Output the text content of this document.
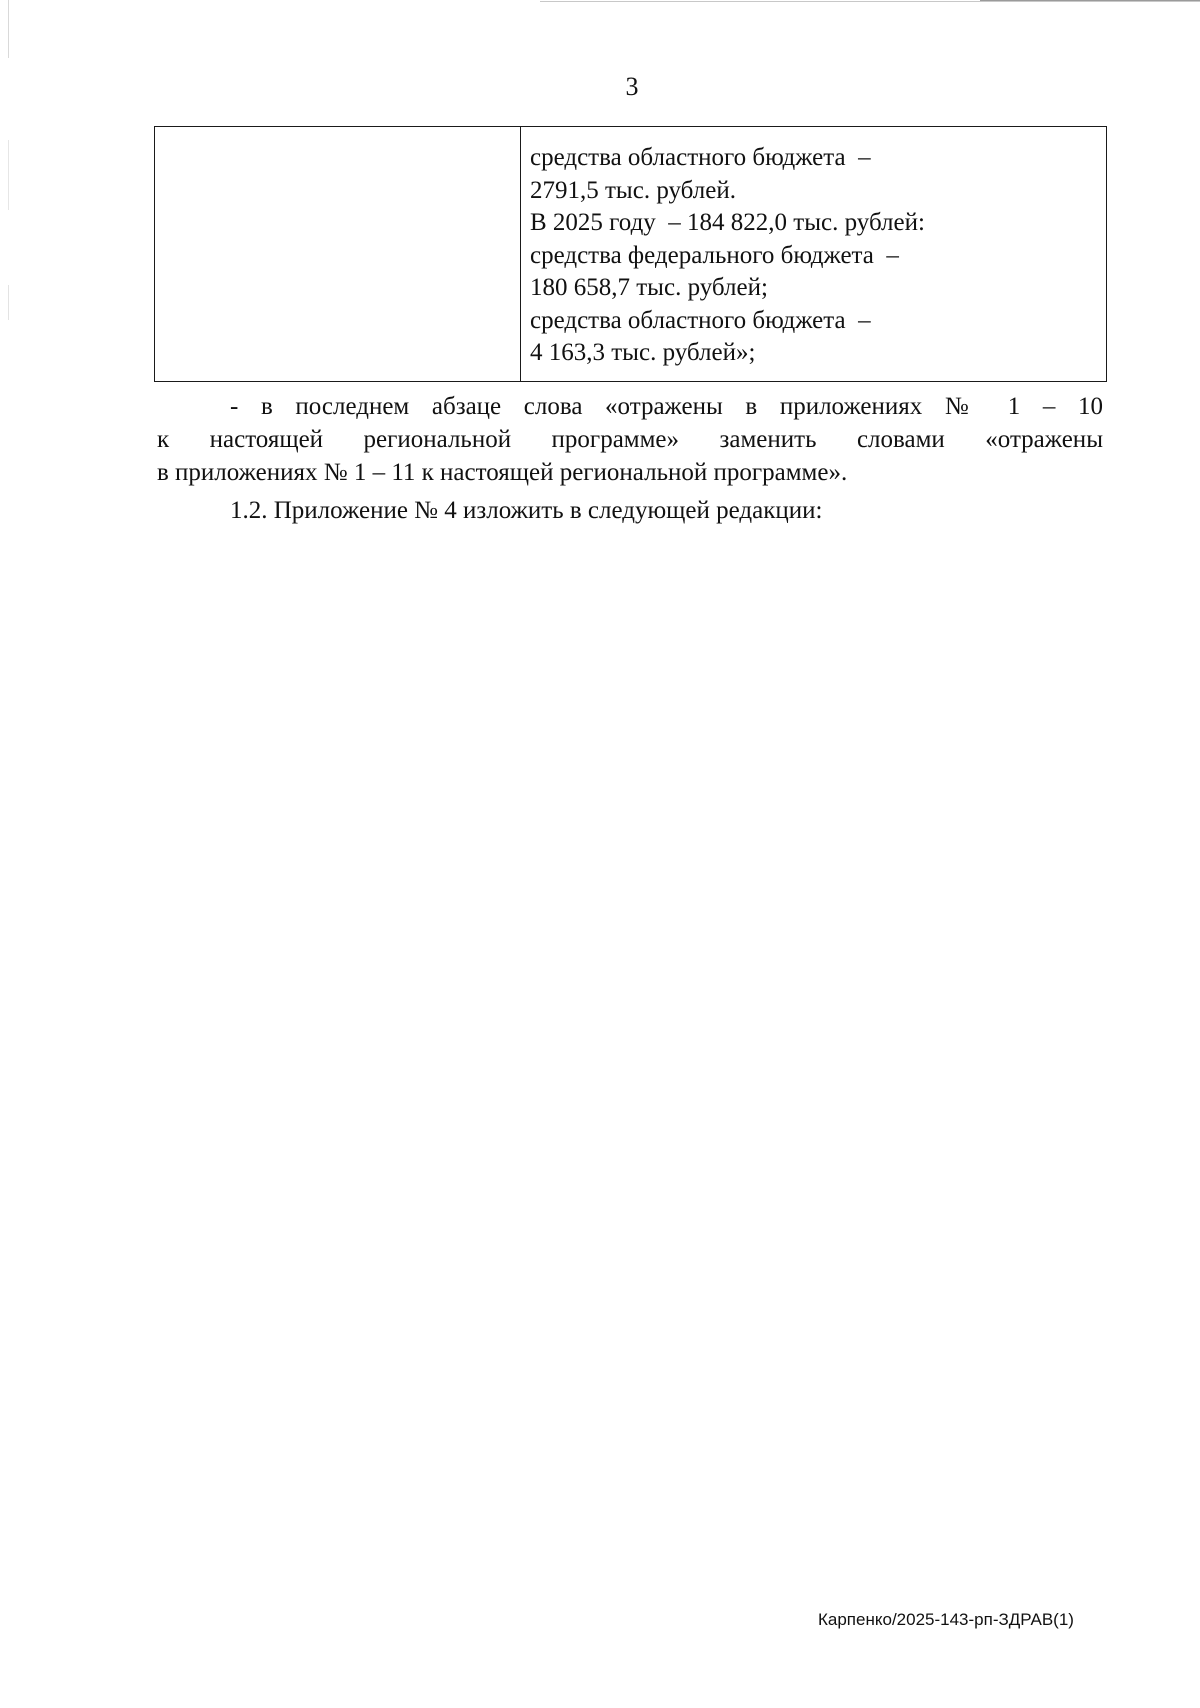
3

средства областного бюджета  –
2791,5 тыс. рублей.
В 2025 году  – 184 822,0 тыс. рублей:
средства федерального бюджета  –
180 658,7 тыс. рублей;
средства областного бюджета  –
4 163,3 тыс. рублей»;
- в последнем абзаце слова «отражены в приложениях № 1 – 10
к настоящей региональной программе» заменить словами «отражены
в приложениях № 1 – 11 к настоящей региональной программе».
1.2. Приложение № 4 изложить в следующей редакции:
Карпенко/2025-143-рп-ЗДРАВ(1)
